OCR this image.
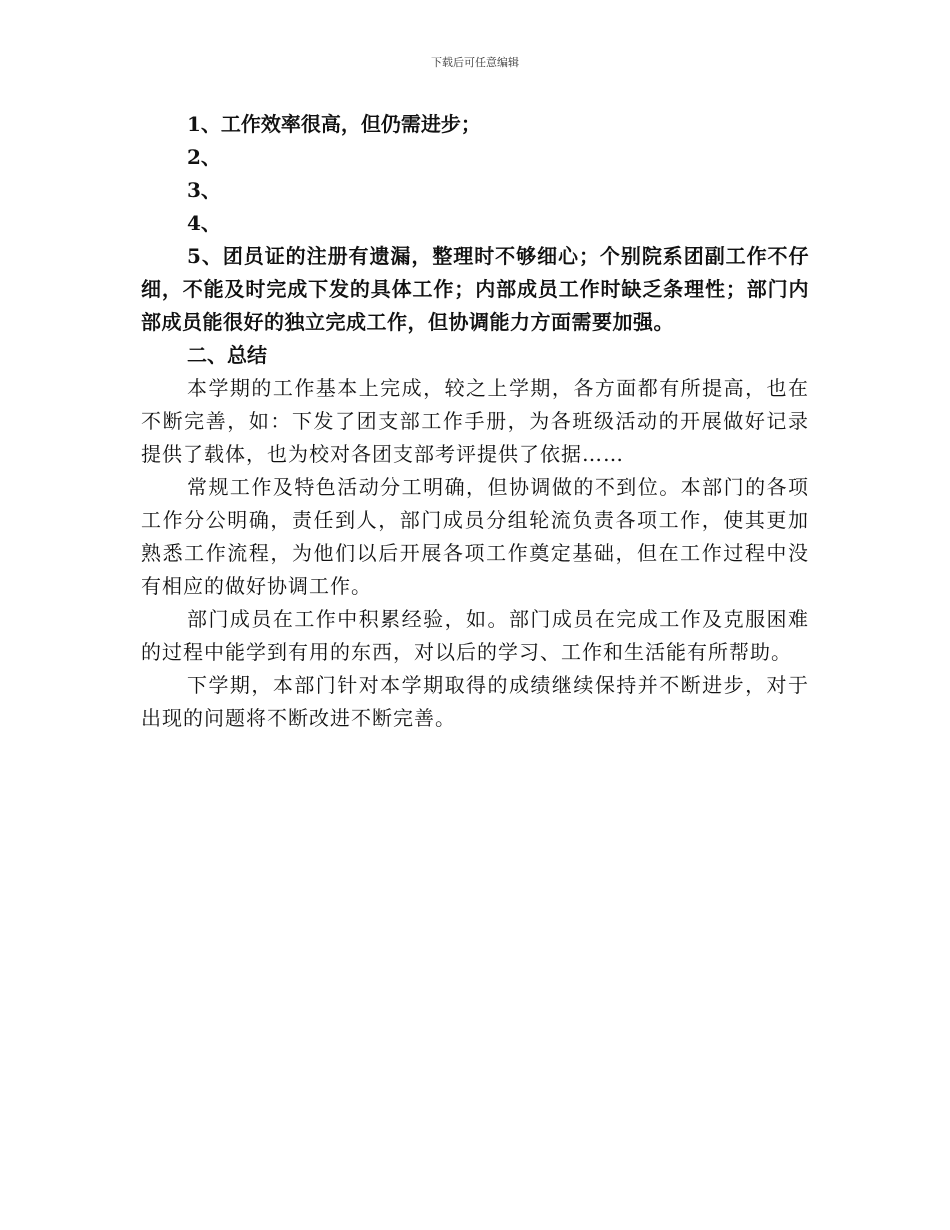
下载后可任意编辑

1、工作效率很高，但仍需进步；

2、

3、

4、

5、团员证的注册有遗漏，整理时不够细心；个别院系团副工作不仔细，不能及时完成下发的具体工作；内部成员工作时缺乏条理性；部门内部成员能很好的独立完成工作，但协调能力方面需要加强。

二、总结

本学期的工作基本上完成，较之上学期，各方面都有所提高，也在不断完善，如：下发了团支部工作手册，为各班级活动的开展做好记录提供了载体，也为校对各团支部考评提供了依据……

常规工作及特色活动分工明确，但协调做的不到位。本部门的各项工作分公明确，责任到人，部门成员分组轮流负责各项工作，使其更加熟悉工作流程，为他们以后开展各项工作奠定基础，但在工作过程中没有相应的做好协调工作。

部门成员在工作中积累经验，如。部门成员在完成工作及克服困难的过程中能学到有用的东西，对以后的学习、工作和生活能有所帮助。

下学期，本部门针对本学期取得的成绩继续保持并不断进步，对于出现的问题将不断改进不断完善。
